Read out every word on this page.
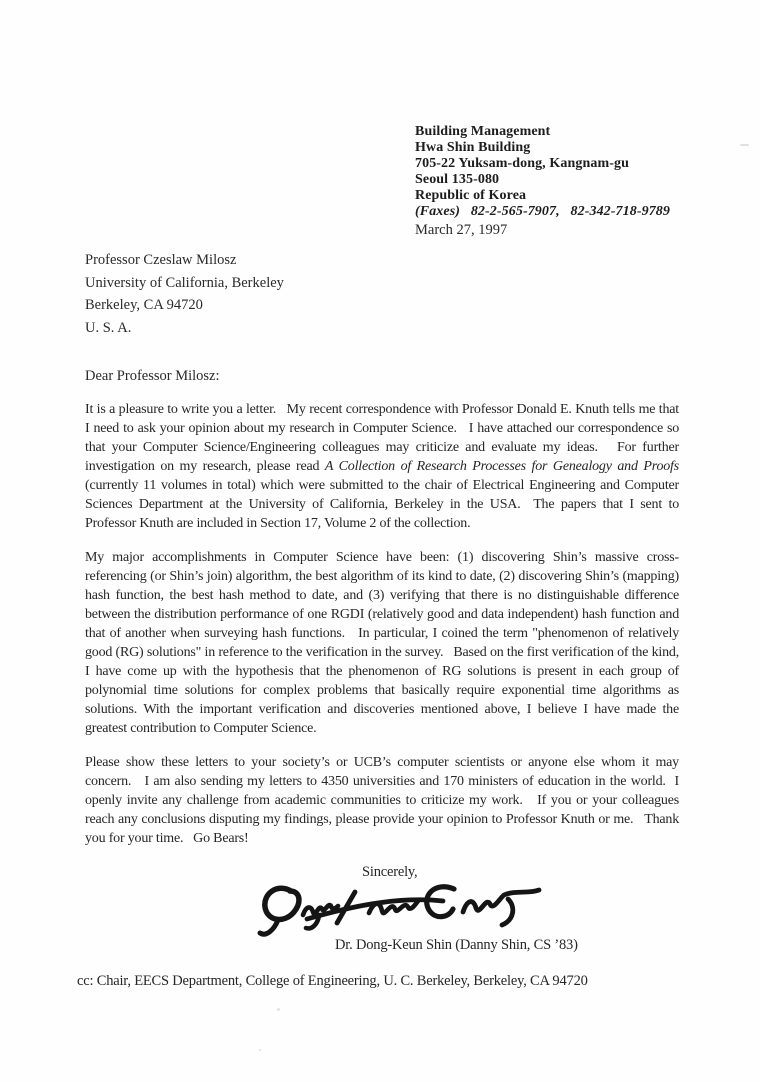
Building Management
Hwa Shin Building
705-22 Yuksam-dong, Kangnam-gu
Seoul 135-080
Republic of Korea
(Faxes)   82-2-565-7907,   82-342-718-9789
March 27, 1997
Professor Czeslaw Milosz
University of California, Berkeley
Berkeley, CA 94720
U. S. A.
Dear Professor Milosz:

It is a pleasure to write you a letter.   My recent correspondence with Professor Donald E. Knuth tells me that I need to ask your opinion about my research in Computer Science.   I have attached our correspondence so that your Computer Science/Engineering colleagues may criticize and evaluate my ideas.   For further investigation on my research, please read A Collection of Research Processes for Genealogy and Proofs (currently 11 volumes in total) which were submitted to the chair of Electrical Engineering and Computer Sciences Department at the University of California, Berkeley in the USA.  The papers that I sent to Professor Knuth are included in Section 17, Volume 2 of the collection.

My major accomplishments in Computer Science have been: (1) discovering Shin’s massive cross-referencing (or Shin’s join) algorithm, the best algorithm of its kind to date, (2) discovering Shin’s (mapping) hash function, the best hash method to date, and (3) verifying that there is no distinguishable difference between the distribution performance of one RGDI (relatively good and data independent) hash function and that of another when surveying hash functions.   In particular, I coined the term "phenomenon of relatively good (RG) solutions" in reference to the verification in the survey.   Based on the first verification of the kind, I have come up with the hypothesis that the phenomenon of RG solutions is present in each group of polynomial time solutions for complex problems that basically require exponential time algorithms as solutions. With the important verification and discoveries mentioned above, I believe I have made the greatest contribution to Computer Science.

Please show these letters to your society’s or UCB’s computer scientists or anyone else whom it may concern.   I am also sending my letters to 4350 universities and 170 ministers of education in the world.  I openly invite any challenge from academic communities to criticize my work.   If you or your colleagues reach any conclusions disputing my findings, please provide your opinion to Professor Knuth or me.   Thank you for your time.   Go Bears!

Sincerely,
Dr. Dong-Keun Shin (Danny Shin, CS ’83)
cc: Chair, EECS Department, College of Engineering, U. C. Berkeley, Berkeley, CA 94720
